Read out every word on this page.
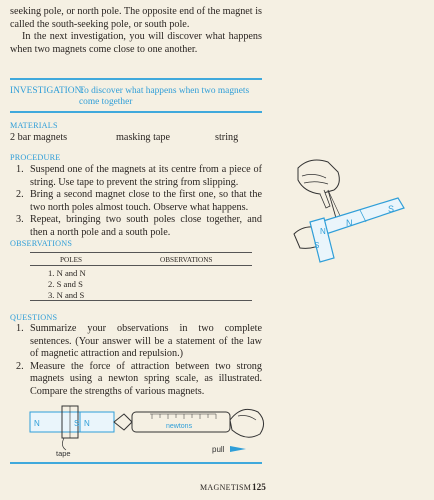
seeking pole, or north pole. The opposite end of the magnet is called the south-seeking pole, or south pole.

In the next investigation, you will discover what happens when two magnets come close to one another.

INVESTIGATION:
To discover what happens when two magnets come together
MATERIALS
2 bar magnets	masking tape	string
PROCEDURE
1. Suspend one of the magnets at its centre from a piece of string. Use tape to prevent the string from slipping.
2. Bring a second magnet close to the first one, so that the two north poles almost touch. Observe what happens.
3. Repeat, bringing two south poles close together, and then a north pole and a south pole.
OBSERVATIONS
POLES	OBSERVATIONS
1. N and N
2. S and S
3. N and S
QUESTIONS
1. Summarize your observations in two complete sentences. (Your answer will be a statement of the law of magnetic attraction and repulsion.)
2. Measure the force of attraction between two strong magnets using a newton spring scale, as illustrated. Compare the strengths of various magnets.
N
S
S
N
N	S N	newtons
tape	pull
MAGNETISM 125
